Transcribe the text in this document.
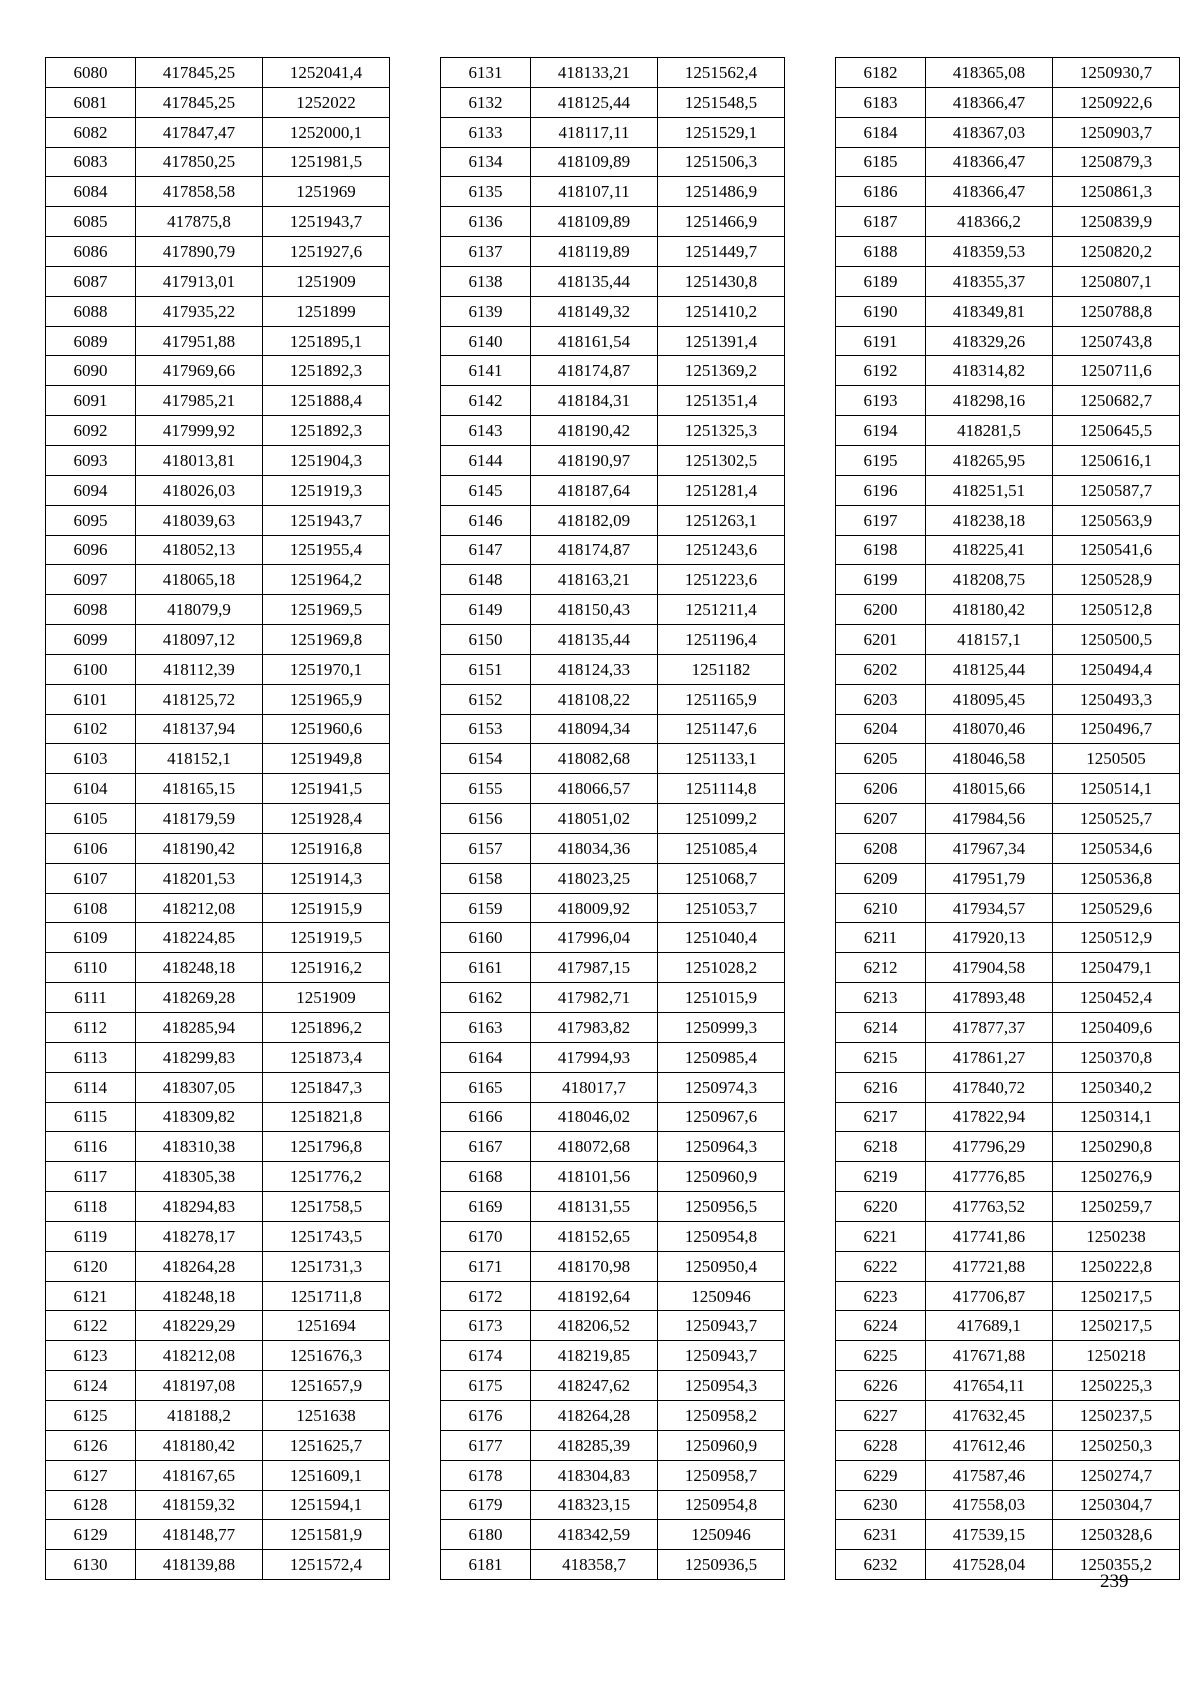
6080	417845,25	1252041,4
6081	417845,25	1252022
6082	417847,47	1252000,1
6083	417850,25	1251981,5
6084	417858,58	1251969
6085	417875,8	1251943,7
6086	417890,79	1251927,6
6087	417913,01	1251909
6088	417935,22	1251899
6089	417951,88	1251895,1
6090	417969,66	1251892,3
6091	417985,21	1251888,4
6092	417999,92	1251892,3
6093	418013,81	1251904,3
6094	418026,03	1251919,3
6095	418039,63	1251943,7
6096	418052,13	1251955,4
6097	418065,18	1251964,2
6098	418079,9	1251969,5
6099	418097,12	1251969,8
6100	418112,39	1251970,1
6101	418125,72	1251965,9
6102	418137,94	1251960,6
6103	418152,1	1251949,8
6104	418165,15	1251941,5
6105	418179,59	1251928,4
6106	418190,42	1251916,8
6107	418201,53	1251914,3
6108	418212,08	1251915,9
6109	418224,85	1251919,5
6110	418248,18	1251916,2
6111	418269,28	1251909
6112	418285,94	1251896,2
6113	418299,83	1251873,4
6114	418307,05	1251847,3
6115	418309,82	1251821,8
6116	418310,38	1251796,8
6117	418305,38	1251776,2
6118	418294,83	1251758,5
6119	418278,17	1251743,5
6120	418264,28	1251731,3
6121	418248,18	1251711,8
6122	418229,29	1251694
6123	418212,08	1251676,3
6124	418197,08	1251657,9
6125	418188,2	1251638
6126	418180,42	1251625,7
6127	418167,65	1251609,1
6128	418159,32	1251594,1
6129	418148,77	1251581,9
6130	418139,88	1251572,4
6131	418133,21	1251562,4
6132	418125,44	1251548,5
6133	418117,11	1251529,1
6134	418109,89	1251506,3
6135	418107,11	1251486,9
6136	418109,89	1251466,9
6137	418119,89	1251449,7
6138	418135,44	1251430,8
6139	418149,32	1251410,2
6140	418161,54	1251391,4
6141	418174,87	1251369,2
6142	418184,31	1251351,4
6143	418190,42	1251325,3
6144	418190,97	1251302,5
6145	418187,64	1251281,4
6146	418182,09	1251263,1
6147	418174,87	1251243,6
6148	418163,21	1251223,6
6149	418150,43	1251211,4
6150	418135,44	1251196,4
6151	418124,33	1251182
6152	418108,22	1251165,9
6153	418094,34	1251147,6
6154	418082,68	1251133,1
6155	418066,57	1251114,8
6156	418051,02	1251099,2
6157	418034,36	1251085,4
6158	418023,25	1251068,7
6159	418009,92	1251053,7
6160	417996,04	1251040,4
6161	417987,15	1251028,2
6162	417982,71	1251015,9
6163	417983,82	1250999,3
6164	417994,93	1250985,4
6165	418017,7	1250974,3
6166	418046,02	1250967,6
6167	418072,68	1250964,3
6168	418101,56	1250960,9
6169	418131,55	1250956,5
6170	418152,65	1250954,8
6171	418170,98	1250950,4
6172	418192,64	1250946
6173	418206,52	1250943,7
6174	418219,85	1250943,7
6175	418247,62	1250954,3
6176	418264,28	1250958,2
6177	418285,39	1250960,9
6178	418304,83	1250958,7
6179	418323,15	1250954,8
6180	418342,59	1250946
6181	418358,7	1250936,5
6182	418365,08	1250930,7
6183	418366,47	1250922,6
6184	418367,03	1250903,7
6185	418366,47	1250879,3
6186	418366,47	1250861,3
6187	418366,2	1250839,9
6188	418359,53	1250820,2
6189	418355,37	1250807,1
6190	418349,81	1250788,8
6191	418329,26	1250743,8
6192	418314,82	1250711,6
6193	418298,16	1250682,7
6194	418281,5	1250645,5
6195	418265,95	1250616,1
6196	418251,51	1250587,7
6197	418238,18	1250563,9
6198	418225,41	1250541,6
6199	418208,75	1250528,9
6200	418180,42	1250512,8
6201	418157,1	1250500,5
6202	418125,44	1250494,4
6203	418095,45	1250493,3
6204	418070,46	1250496,7
6205	418046,58	1250505
6206	418015,66	1250514,1
6207	417984,56	1250525,7
6208	417967,34	1250534,6
6209	417951,79	1250536,8
6210	417934,57	1250529,6
6211	417920,13	1250512,9
6212	417904,58	1250479,1
6213	417893,48	1250452,4
6214	417877,37	1250409,6
6215	417861,27	1250370,8
6216	417840,72	1250340,2
6217	417822,94	1250314,1
6218	417796,29	1250290,8
6219	417776,85	1250276,9
6220	417763,52	1250259,7
6221	417741,86	1250238
6222	417721,88	1250222,8
6223	417706,87	1250217,5
6224	417689,1	1250217,5
6225	417671,88	1250218
6226	417654,11	1250225,3
6227	417632,45	1250237,5
6228	417612,46	1250250,3
6229	417587,46	1250274,7
6230	417558,03	1250304,7
6231	417539,15	1250328,6
6232	417528,04	1250355,2
239
